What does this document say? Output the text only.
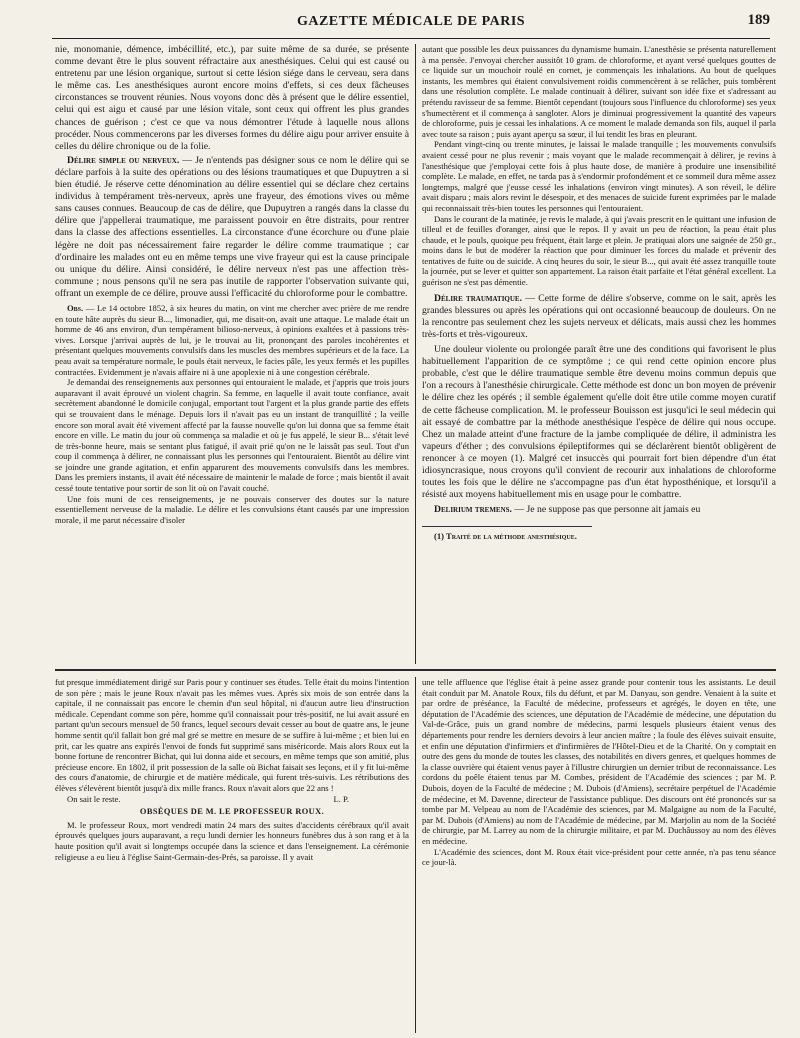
GAZETTE MÉDICALE DE PARIS	189

nie, monomanie, démence, imbécillité, etc.), par suite même de sa durée, se présente comme devant être le plus souvent réfractaire aux anesthésiques. Celui qui est causé ou entretenu par une lésion organique, surtout si cette lésion siége dans le cerveau, sera dans le même cas. Les anesthésiques auront encore moins d'effets, si ces deux fâcheuses circonstances se trouvent réunies. Nous voyons donc dès à présent que le délire essentiel, celui qui est aigu et causé par une lésion vitale, sont ceux qui offrent les plus grandes chances de guérison ; c'est ce que va nous démontrer l'étude à laquelle nous allons procéder. Nous commencerons par les diverses formes du délire aigu pour arriver ensuite à celles du délire chronique ou de la folie.

Délire simple ou nerveux. — Je n'entends pas désigner sous ce nom le délire qui se déclare parfois à la suite des opérations ou des lésions traumatiques et que Dupuytren a si bien étudié. Je réserve cette dénomination au délire essentiel qui se déclare chez certains individus à tempérament très-nerveux, après une frayeur, des émotions vives ou même sans causes connues. Beaucoup de cas de délire, que Dupuytren a rangés dans la classe du délire que j'appellerai traumatique, me paraissent pouvoir en être distraits, pour rentrer dans la classe des affections essentielles. La circonstance d'une écorchure ou d'une plaie légère ne doit pas nécessairement faire regarder le délire comme traumatique ; car d'ordinaire les malades ont eu en même temps une vive frayeur qui est la cause principale ou unique du délire. Ainsi considéré, le délire nerveux n'est pas une affection très-commune ; nous pensons qu'il ne sera pas inutile de rapporter l'observation suivante qui, offrant un exemple de ce délire, prouve aussi l'efficacité du chloroforme pour le combattre.

Obs. — Le 14 octobre 1852, à six heures du matin, on vint me chercher avec prière de me rendre en toute hâte auprès du sieur B..., limonadier, qui, me disait-on, avait une attaque. Le malade était un homme de 46 ans environ, d'un tempérament bilioso-nerveux, à opinions exaltées et à passions très-vives. Lorsque j'arrivai auprès de lui, je le trouvai au lit, prononçant des paroles incohérentes et présentant quelques mouvements convulsifs dans les muscles des membres supérieurs et de la face. La peau avait sa température normale, le pouls était nerveux, le facies pâle, les yeux fermés et les pupilles contractées. Evidemment je n'avais affaire ni à une apoplexie ni à une congestion cérébrale.

Je demandai des renseignements aux personnes qui entouraient le malade, et j'appris que trois jours auparavant il avait éprouvé un violent chagrin. Sa femme, en laquelle il avait toute confiance, avait secrètement abandonné le domicile conjugal, emportant tout l'argent et la plus grande partie des effets qui se trouvaient dans le ménage. Depuis lors il n'avait pas eu un instant de tranquillité ; la veille encore son moral avait été vivement affecté par la fausse nouvelle qu'on lui donna que sa femme était encore en ville. Le matin du jour où commença sa maladie et où je fus appelé, le sieur B... s'était levé de très-bonne heure, mais se sentant plus fatigué, il avait prié qu'on ne le laissât pas seul. Tout d'un coup il commença à délirer, ne connaissant plus les personnes qui l'entouraient. Bientôt au délire vint se joindre une grande agitation, et enfin apparurent des mouvements convulsifs dans les membres. Dans les premiers instants, il avait été nécessaire de maintenir le malade de force ; mais bientôt il avait cessé toute tentative pour sortir de son lit où on l'avait couché.

Une fois muni de ces renseignements, je ne pouvais conserver des doutes sur la nature essentiellement nerveuse de la maladie. Le délire et les convulsions étant causés par une impression morale, il me parut nécessaire d'isoler

autant que possible les deux puissances du dynamisme humain. L'anesthésie se présenta naturellement à ma pensée. J'envoyai chercher aussitôt 10 gram. de chloroforme, et ayant versé quelques gouttes de ce liquide sur un mouchoir roulé en cornet, je commençais les inhalations. Au bout de quelques instants, les membres qui étaient convulsivement roidis commencèrent à se relâcher, puis tombèrent dans une résolution complète. Le malade continuait à délirer, suivant son idée fixe et s'adressant au prétendu ravisseur de sa femme. Bientôt cependant (toujours sous l'influence du chloroforme) ses yeux s'humectèrent et il commença à sangloter. Alors je diminuai progressivement la quantité des vapeurs de chloroforme, puis je cessai les inhalations. A ce moment le malade demanda son fils, auquel il parla avec toute sa raison ; puis ayant aperçu sa sœur, il lui tendit les bras en pleurant.

Pendant vingt-cinq ou trente minutes, je laissai le malade tranquille ; les mouvements convulsifs avaient cessé pour ne plus revenir ; mais voyant que le malade recommençait à délirer, je revins à l'anesthésique que j'employai cette fois à plus haute dose, de manière à produire une insensibilité complète. Le malade, en effet, ne tarda pas à s'endormir profondément et ce sommeil dura même assez longtemps, malgré que j'eusse cessé les inhalations (environ vingt minutes). A son réveil, le délire avait disparu ; mais alors revint le désespoir, et des menaces de suicide furent exprimées par le malade qui reconnaissait très-bien toutes les personnes qui l'entouraient.

Dans le courant de la matinée, je revis le malade, à qui j'avais prescrit en le quittant une infusion de tilleul et de feuilles d'oranger, ainsi que le repos. Il y avait un peu de réaction, la peau était plus chaude, et le pouls, quoique peu fréquent, était large et plein. Je pratiquai alors une saignée de 250 gr., moins dans le but de modérer la réaction que pour diminuer les forces du malade et prévenir des tentatives de fuite ou de suicide. A cinq heures du soir, le sieur B..., qui avait été assez tranquille toute la journée, put se lever et quitter son appartement. La raison était parfaite et l'état général excellent. La guérison ne s'est pas démentie.

Délire traumatique. — Cette forme de délire s'observe, comme on le sait, après les grandes blessures ou après les opérations qui ont occasionné beaucoup de douleurs. On ne la rencontre pas seulement chez les sujets nerveux et délicats, mais aussi chez les hommes très-forts et très-vigoureux.

Une douleur violente ou prolongée paraît être une des conditions qui favorisent le plus habituellement l'apparition de ce symptôme ; ce qui rend cette opinion encore plus probable, c'est que le délire traumatique semble être devenu moins commun depuis que l'on a recours à l'anesthésie chirurgicale. Cette méthode est donc un bon moyen de prévenir le délire chez les opérés ; il semble également qu'elle doit être utile comme moyen curatif de cette fâcheuse complication. M. le professeur Bouisson est jusqu'ici le seul médecin qui ait essayé de combattre par la méthode anesthésique l'espèce de délire qui nous occupe. Chez un malade atteint d'une fracture de la jambe compliquée de délire, il administra les vapeurs d'éther ; des convulsions épileptiformes qui se déclarèrent bientôt obligèrent de renoncer à ce moyen (1). Malgré cet insuccès qui pourrait fort bien dépendre d'un état idiosyncrasique, nous croyons qu'il convient de recourir aux inhalations de chloroforme toutes les fois que le délire ne s'accompagne pas d'un état hyposthénique, et lorsqu'il a résisté aux moyens habituellement mis en usage pour le combattre.

Delirium tremens. — Je ne suppose pas que personne ait jamais eu

(1) Traité de la méthode anesthésique.

fut presque immédiatement dirigé sur Paris pour y continuer ses études. Telle était du moins l'intention de son père ; mais le jeune Roux n'avait pas les mêmes vues. Après six mois de son entrée dans la capitale, il ne connaissait pas encore le chemin d'un seul hôpital, ni d'aucun autre lieu d'instruction médicale. Cependant comme son père, homme qu'il connaissait pour très-positif, ne lui avait assuré en partant qu'un secours mensuel de 50 francs, lequel secours devait cesser au bout de quatre ans, le jeune homme sentit qu'il fallait bon gré mal gré se mettre en mesure de se suffire à lui-même ; et bien lui en prit, car les quatre ans expirés l'envoi de fonds fut supprimé sans miséricorde. Mais alors Roux eut la bonne fortune de rencontrer Bichat, qui lui donna aide et secours, en même temps que son amitié, plus précieuse encore. En 1802, il prit possession de la salle où Bichat faisait ses leçons, et il y fit lui-même des cours d'anatomie, de chirurgie et de matière médicale, qui furent très-suivis. Les rétributions des élèves s'élevèrent bientôt jusqu'à dix mille francs. Roux n'avait alors que 22 ans !

On sait le reste.	L. P.

OBSÈQUES DE M. LE PROFESSEUR ROUX.

M. le professeur Roux, mort vendredi matin 24 mars des suites d'accidents cérébraux qu'il avait éprouvés quelques jours auparavant, a reçu lundi dernier les honneurs funèbres dus à son rang et à la haute position qu'il avait si longtemps occupée dans la science et dans l'enseignement. La cérémonie religieuse a eu lieu à l'église Saint-Germain-des-Prés, sa paroisse. Il y avait

une telle affluence que l'église était à peine assez grande pour contenir tous les assistants. Le deuil était conduit par M. Anatole Roux, fils du défunt, et par M. Danyau, son gendre. Venaient à la suite et par ordre de préséance, la Faculté de médecine, professeurs et agrégés, le doyen en tête, une députation de l'Académie des sciences, une députation de l'Académie de médecine, une députation du Val-de-Grâce, puis un grand nombre de médecins, parmi lesquels plusieurs étaient venus des départements pour rendre les derniers devoirs à leur ancien maître ; la foule des élèves suivait ensuite, et enfin une députation d'infirmiers et d'infirmières de l'Hôtel-Dieu et de la Charité. On y comptait en outre des gens du monde de toutes les classes, des notabilités en divers genres, et quelques hommes de la classe ouvrière qui étaient venus payer à l'illustre chirurgien un dernier tribut de reconnaissance. Les cordons du poêle étaient tenus par M. Combes, président de l'Académie des sciences ; par M. P. Dubois, doyen de la Faculté de médecine ; M. Dubois (d'Amiens), secrétaire perpétuel de l'Académie de médecine, et M. Davenne, directeur de l'assistance publique. Des discours ont été prononcés sur sa tombe par M. Velpeau au nom de l'Académie des sciences, par M. Malgaigne au nom de la Faculté, par M. Dubois (d'Amiens) au nom de l'Académie de médecine, par M. Marjolin au nom de la Société de chirurgie, par M. Larrey au nom de la chirurgie militaire, et par M. Duchâussoy au nom des élèves en médecine.

L'Académie des sciences, dont M. Roux était vice-président pour cette année, n'a pas tenu séance ce jour-là.
